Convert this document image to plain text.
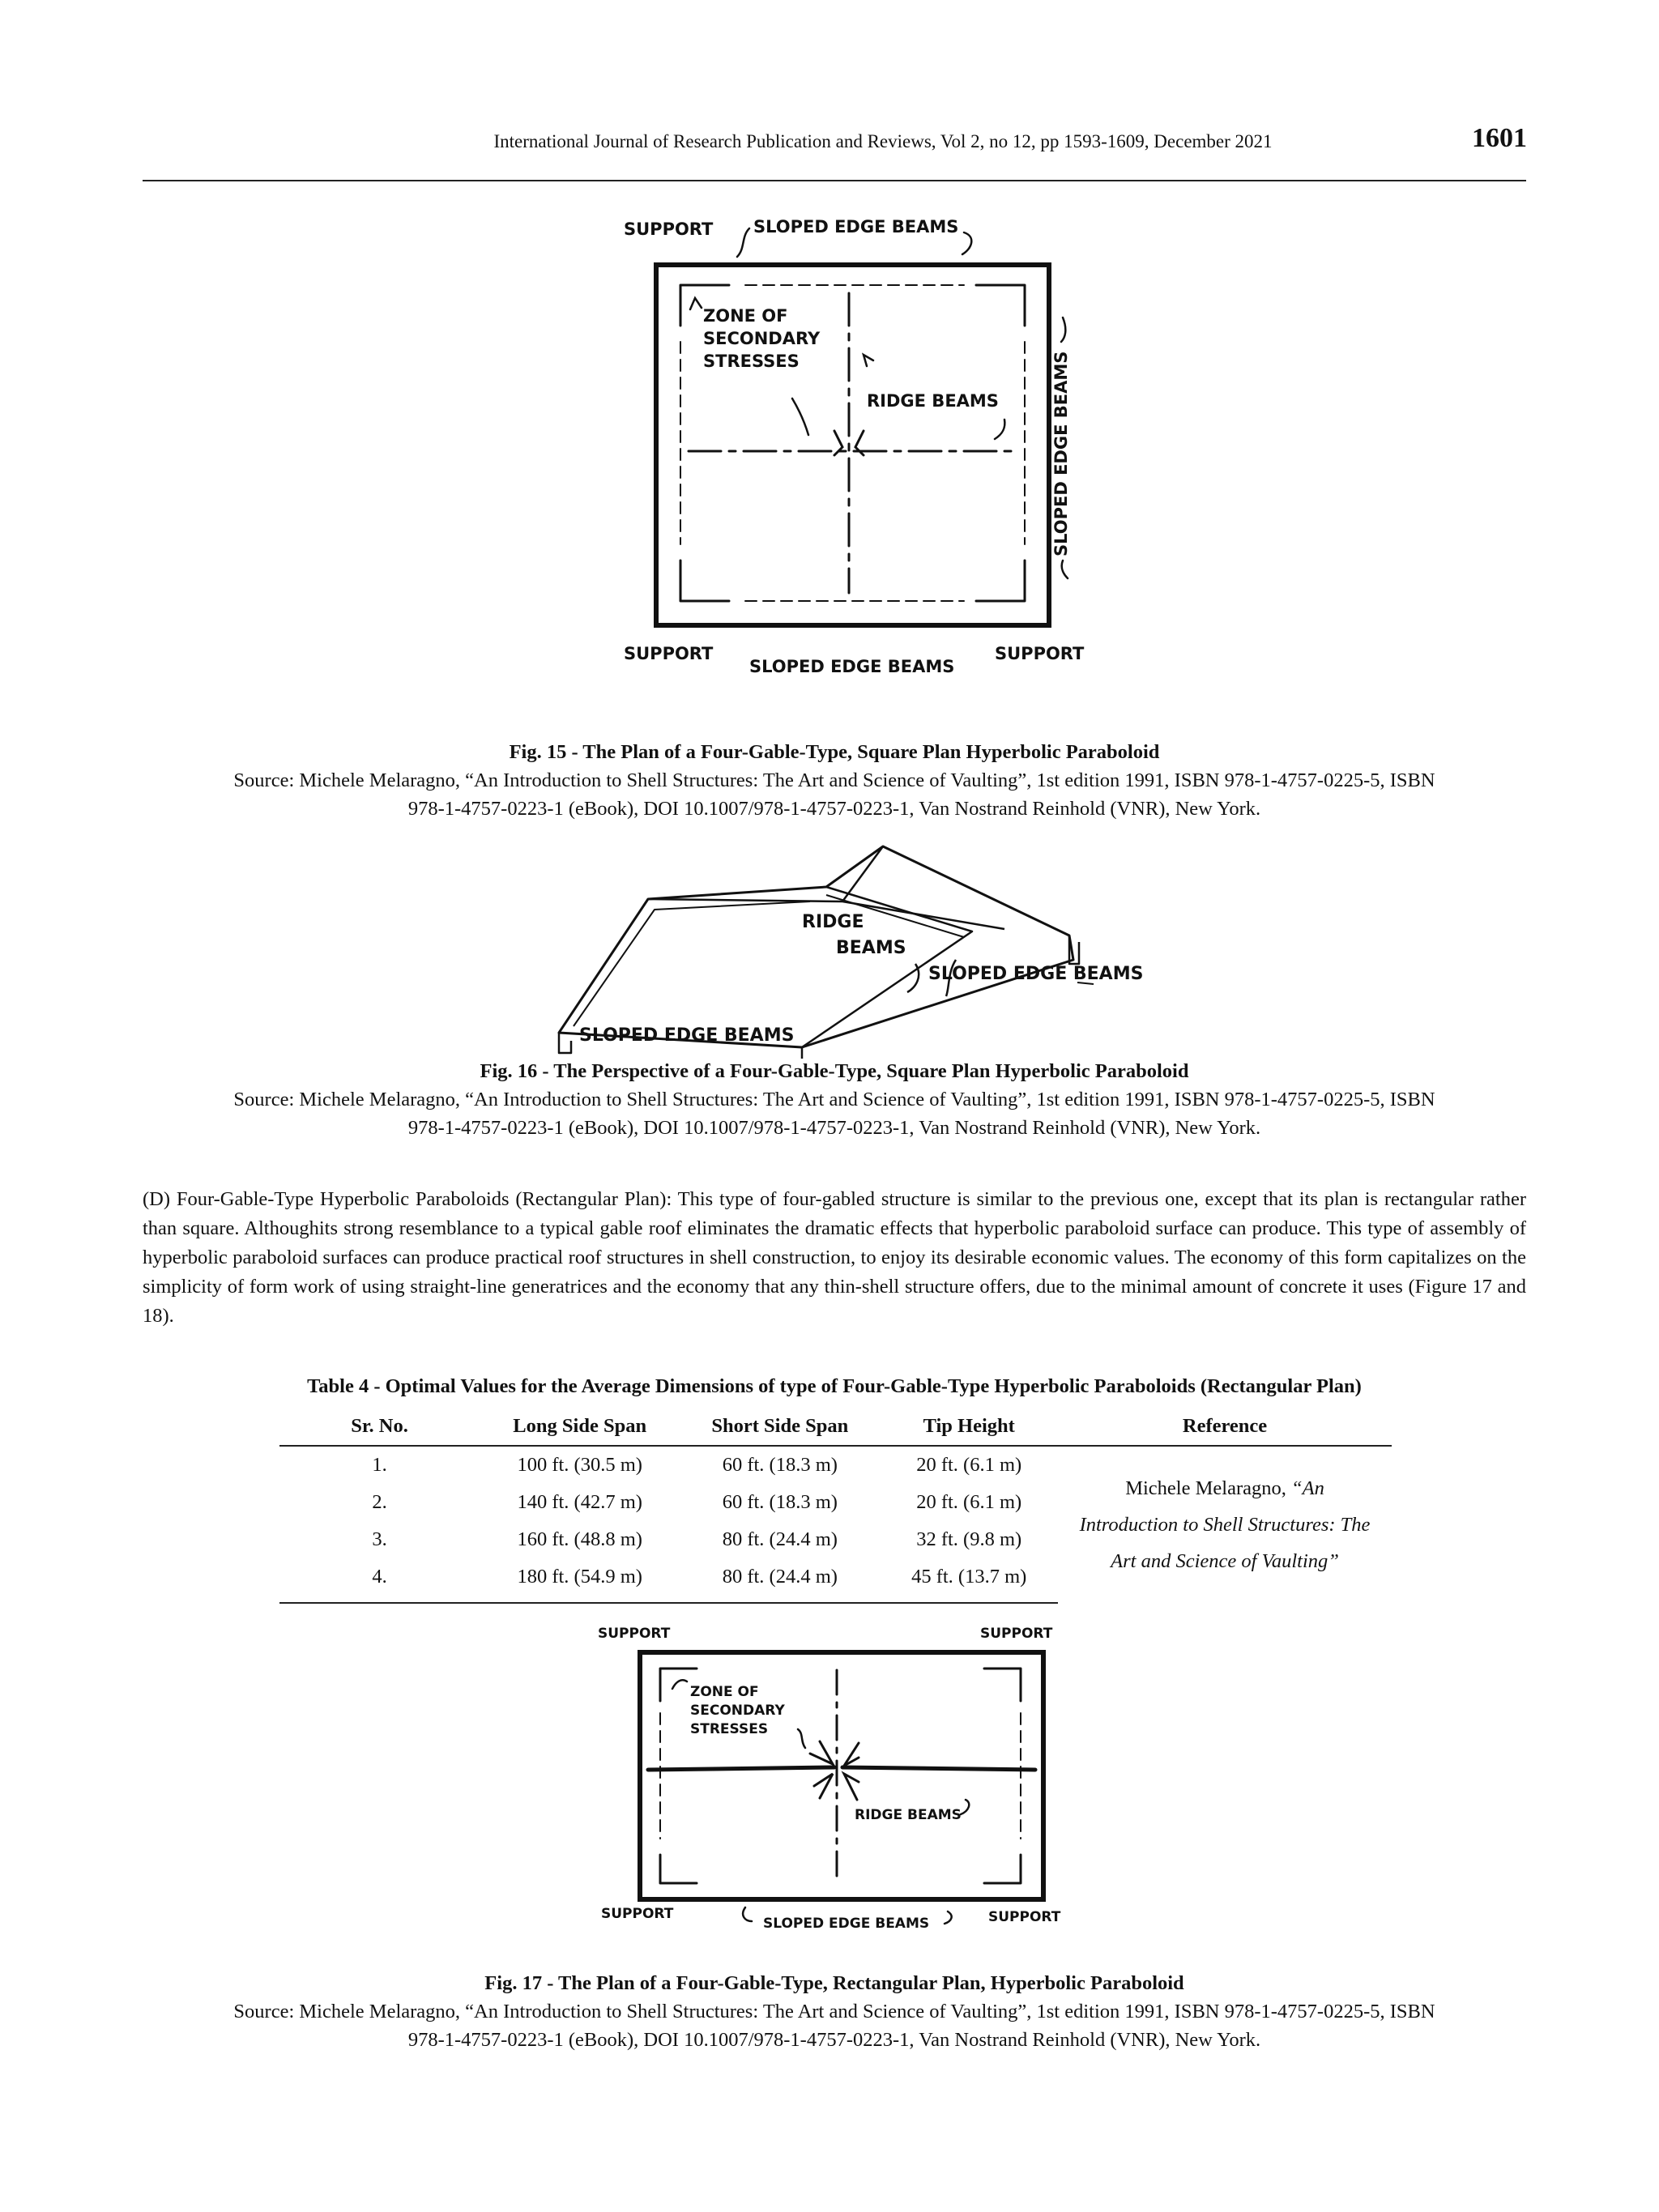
International Journal of Research Publication and Reviews, Vol 2, no 12, pp 1593-1609, December 2021	1601
SUPPORT SLOPED EDGE BEAMS
ZONE OF
SECONDARY
STRESSES
RIDGE BEAMS	SLOPED EDGE BEAMS
SUPPORT
SLOPED EDGE BEAMS
SUPPORT
Fig. 15 - The Plan of a Four-Gable-Type, Square Plan Hyperbolic Paraboloid
Source: Michele Melaragno, “An Introduction to Shell Structures: The Art and Science of Vaulting”, 1st edition 1991, ISBN 978-1-4757-0225-5, ISBN
978-1-4757-0223-1 (eBook), DOI 10.1007/978-1-4757-0223-1, Van Nostrand Reinhold (VNR), New York.
RIDGE
BEAMS
SLOPED EDGE BEAMS
SLOPED EDGE BEAMS
Fig. 16 - The Perspective of a Four-Gable-Type, Square Plan Hyperbolic Paraboloid
Source: Michele Melaragno, “An Introduction to Shell Structures: The Art and Science of Vaulting”, 1st edition 1991, ISBN 978-1-4757-0225-5, ISBN
978-1-4757-0223-1 (eBook), DOI 10.1007/978-1-4757-0223-1, Van Nostrand Reinhold (VNR), New York.
(D) Four-Gable-Type Hyperbolic Paraboloids (Rectangular Plan): This type of four-gabled structure is similar to the previous one, except that its plan is rectangular rather than square. Althoughits strong resemblance to a typical gable roof eliminates the dramatic effects that hyperbolic paraboloid surface can produce. This type of assembly of hyperbolic paraboloid surfaces can produce practical roof structures in shell construction, to enjoy its desirable economic values. The economy of this form capitalizes on the simplicity of form work of using straight-line generatrices and the economy that any thin-shell structure offers, due to the minimal amount of concrete it uses (Figure 17 and 18).
Table 4 - Optimal Values for the Average Dimensions of type of Four-Gable-Type Hyperbolic Paraboloids (Rectangular Plan)
Sr. No.	Long Side Span	Short Side Span	Tip Height	Reference
1.	100 ft. (30.5 m)	60 ft. (18.3 m)	20 ft. (6.1 m)	Michele Melaragno, “An
Introduction to Shell Structures: The
Art and Science of Vaulting”
2.	140 ft. (42.7 m)	60 ft. (18.3 m)	20 ft. (6.1 m)	
3.	160 ft. (48.8 m)	80 ft. (24.4 m)	32 ft. (9.8 m)	
4.	180 ft. (54.9 m)	80 ft. (24.4 m)	45 ft. (13.7 m)	
SUPPORT	SUPPORT
ZONE OF
SECONDARY
STRESSES
RIDGE BEAMS
SUPPORT
SLOPED EDGE BEAMS	SUPPORT
Fig. 17 - The Plan of a Four-Gable-Type, Rectangular Plan, Hyperbolic Paraboloid
Source: Michele Melaragno, “An Introduction to Shell Structures: The Art and Science of Vaulting”, 1st edition 1991, ISBN 978-1-4757-0225-5, ISBN
978-1-4757-0223-1 (eBook), DOI 10.1007/978-1-4757-0223-1, Van Nostrand Reinhold (VNR), New York.
